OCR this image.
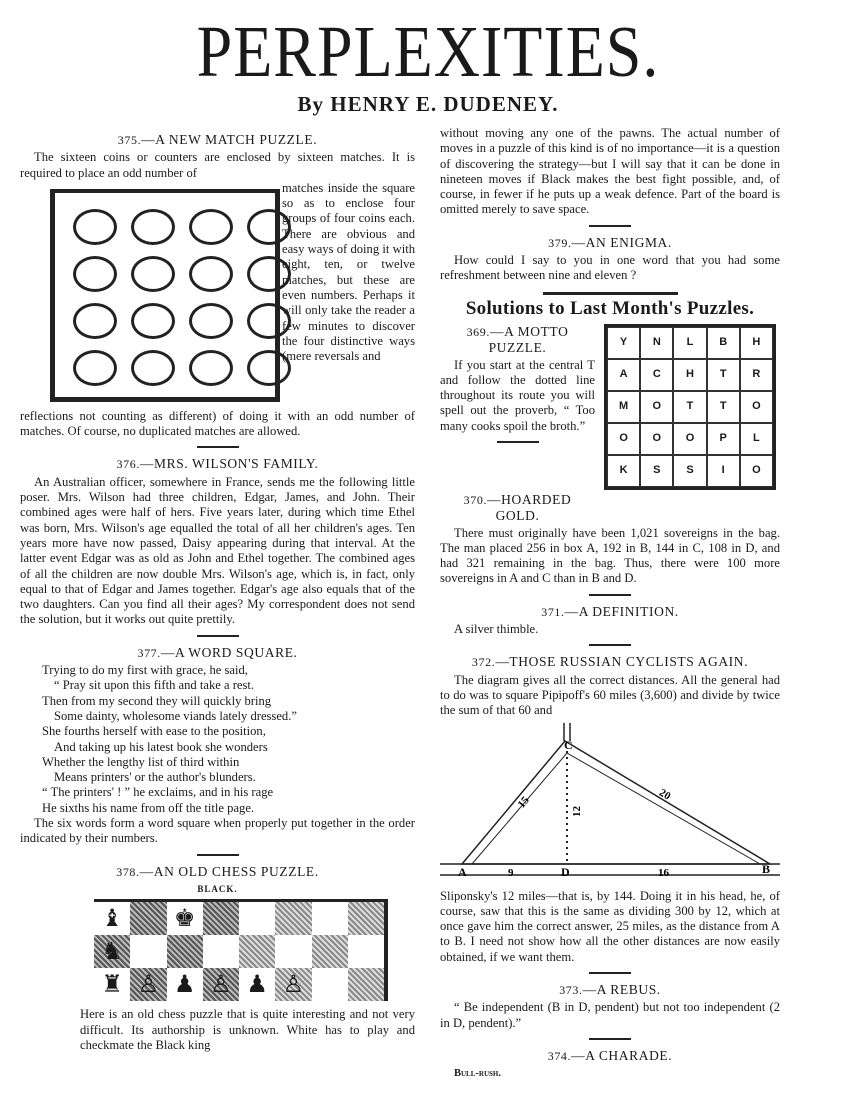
PERPLEXITIES.
By HENRY E. DUDENEY.
375.—A NEW MATCH PUZZLE.

The sixteen coins or counters are enclosed by sixteen matches. It is required to place an odd number of

matches inside the square so as to enclose four groups of four coins each. There are obvious and easy ways of doing it with eight, ten, or twelve matches, but these are even numbers. Perhaps it will only take the reader a few minutes to discover the four distinctive ways (mere reversals and

reflections not counting as different) of doing it with an odd number of matches. Of course, no duplicated matches are allowed.

376.—MRS. WILSON'S FAMILY.

An Australian officer, somewhere in France, sends me the following little poser. Mrs. Wilson had three children, Edgar, James, and John. Their combined ages were half of hers. Five years later, during which time Ethel was born, Mrs. Wilson's age equalled the total of all her children's ages. Ten years more have now passed, Daisy appearing during that interval. At the latter event Edgar was as old as John and Ethel together. The combined ages of all the children are now double Mrs. Wilson's age, which is, in fact, only equal to that of Edgar and James together. Edgar's age also equals that of the two daughters. Can you find all their ages? My correspondent does not send the solution, but it works out quite prettily.

377.—A WORD SQUARE.
Trying to do my first with grace, he said,
“ Pray sit upon this fifth and take a rest.
Then from my second they will quickly bring
Some dainty, wholesome viands lately dressed.”
She fourths herself with ease to the position,
And taking up his latest book she wonders
Whether the lengthy list of third within
Means printers' or the author's blunders.
“ The printers' ! ” he exclaims, and in his rage
He sixths his name from off the title page.

The six words form a word square when properly put together in the order indicated by their numbers.

378.—AN OLD CHESS PUZZLE.
BLACK.
♝	♚
♞
♜ ♙ ♟ ♙ ♟ ♙

Here is an old chess puzzle that is quite interesting and not very difficult. Its authorship is unknown. White has to play and checkmate the Black king

without moving any one of the pawns. The actual number of moves in a puzzle of this kind is of no importance—it is a question of discovering the strategy—but I will say that it can be done in nineteen moves if Black makes the best fight possible, and, of course, in fewer if he puts up a weak defence. Part of the board is omitted merely to save space.

379.—AN ENIGMA.

How could I say to you in one word that you had some refreshment between nine and eleven ?

Solutions to Last Month's Puzzles.
369.—A MOTTO PUZZLE.

If you start at the central T and follow the dotted line throughout its route you will spell out the proverb, “ Too many cooks spoil the broth.”

Y	N	L	B	H
A	C	H	T	R
M	O	T	T	O
O	O	O	P	L
K	S	S	I	O
370.—HOARDED GOLD.

There must originally have been 1,021 sovereigns in the bag. The man placed 256 in box A, 192 in B, 144 in C, 108 in D, and had 321 remaining in the bag. Thus, there were 100 more sovereigns in A and C than in B and D.

371.—A DEFINITION.

A silver thimble.

372.—THOSE RUSSIAN CYCLISTS AGAIN.

The diagram gives all the correct distances. All the general had to do was to square Pipipoff's 60 miles (3,600) and divide by twice the sum of that 60 and

C
A	D	B
9	16
12
15	20

Sliponsky's 12 miles—that is, by 144. Doing it in his head, he, of course, saw that this is the same as dividing 300 by 12, which at once gave him the correct answer, 25 miles, as the distance from A to B. I need not show how all the other distances are now easily obtained, if we want them.

373.—A REBUS.

“ Be independent (B in D, pendent) but not too independent (2 in D, pendent).”

374.—A CHARADE.

Bull-rush.
